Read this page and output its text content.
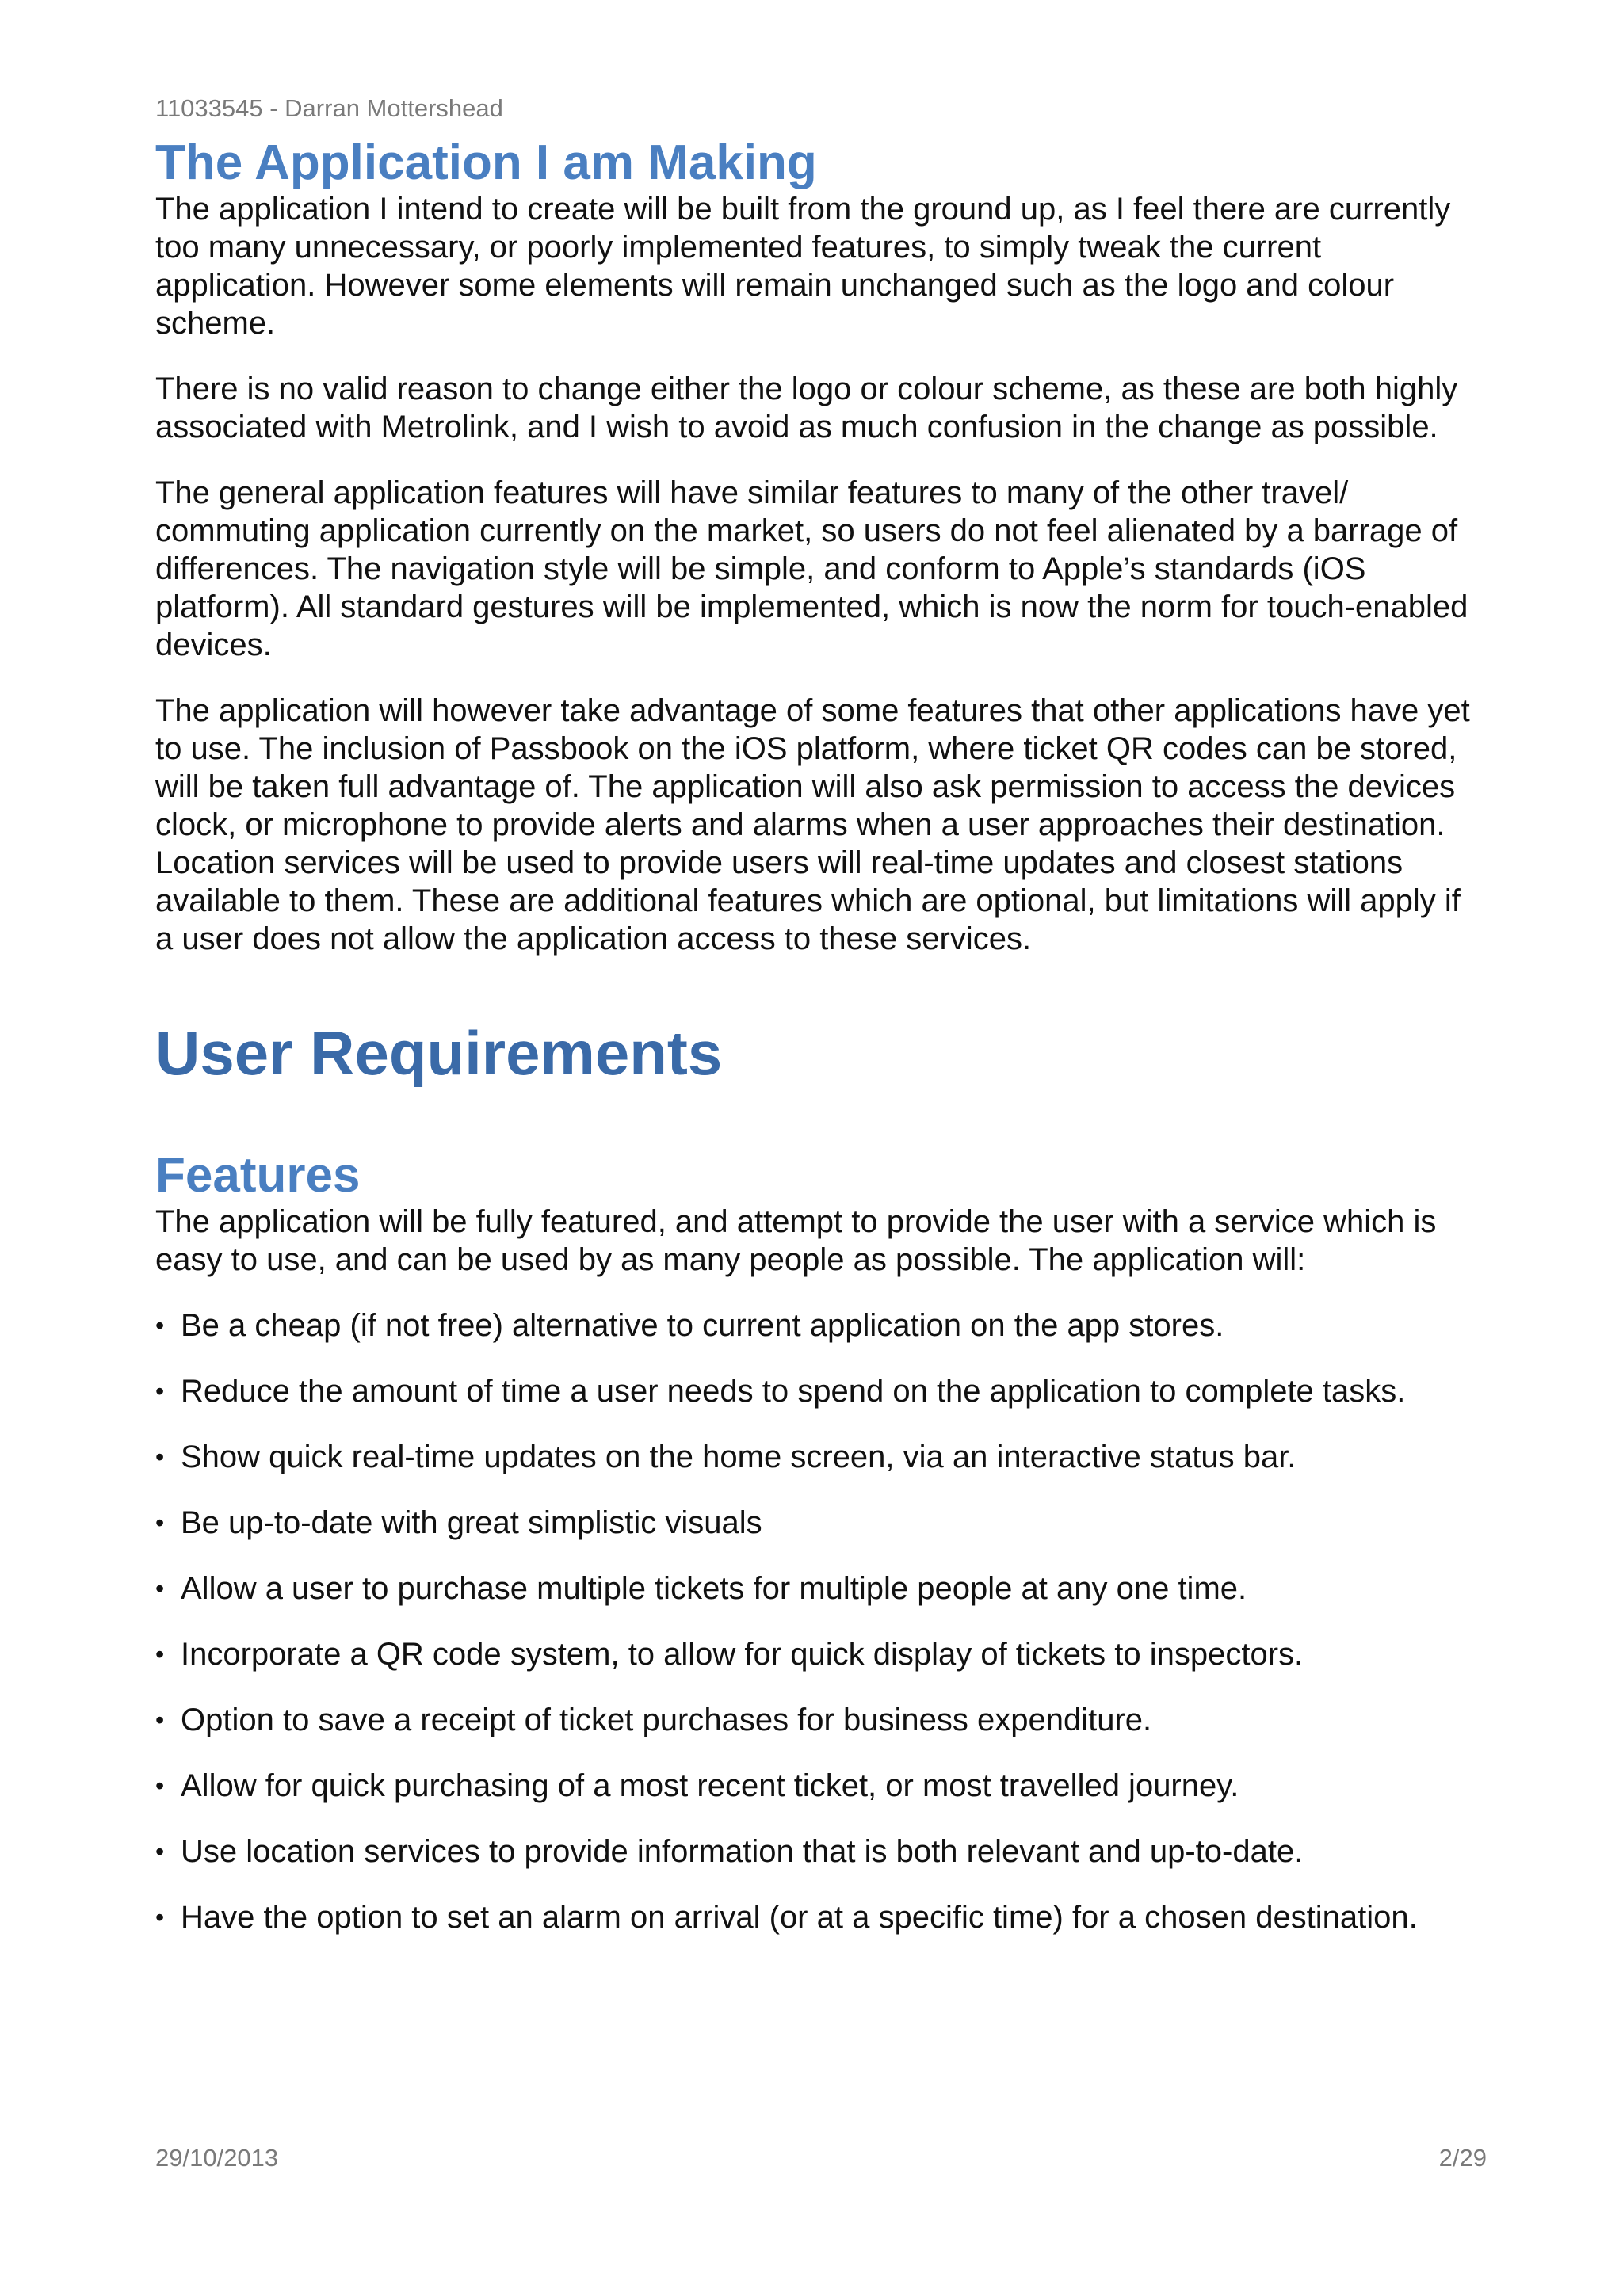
11033545 - Darran Mottershead
The Application I am Making

The application I intend to create will be built from the ground up, as I feel there are currently too many unnecessary, or poorly implemented features, to simply tweak the current application. However some elements will remain unchanged such as the logo and colour scheme.

There is no valid reason to change either the logo or colour scheme, as these are both highly associated with Metrolink, and I wish to avoid as much confusion in the change as possible.

The general application features will have similar features to many of the other travel/ commuting application currently on the market, so users do not feel alienated by a barrage of differences. The navigation style will be simple, and conform to Apple’s standards (iOS platform). All standard gestures will be implemented, which is now the norm for touch-enabled devices.

The application will however take advantage of some features that other applications have yet to use. The inclusion of Passbook on the iOS platform, where ticket QR codes can be stored, will be taken full advantage of. The application will also ask permission to access the devices clock, or microphone to provide alerts and alarms when a user approaches their destination. Location services will be used to provide users will real-time updates and closest stations available to them. These are additional features which are optional, but limitations will apply if a user does not allow the application access to these services.

User Requirements
Features

The application will be fully featured, and attempt to provide the user with a service which is easy to use, and can be used by as many people as possible. The application will:

• Be a cheap (if not free) alternative to current application on the app stores.
• Reduce the amount of time a user needs to spend on the application to complete tasks.
• Show quick real-time updates on the home screen, via an interactive status bar.
• Be up-to-date with great simplistic visuals
• Allow a user to purchase multiple tickets for multiple people at any one time.
• Incorporate a QR code system, to allow for quick display of tickets to inspectors.
• Option to save a receipt of ticket purchases for business expenditure.
• Allow for quick purchasing of a most recent ticket, or most travelled journey.
• Use location services to provide information that is both relevant and up-to-date.
• Have the option to set an alarm on arrival (or at a specific time) for a chosen destination.
29/10/2013	2/29
